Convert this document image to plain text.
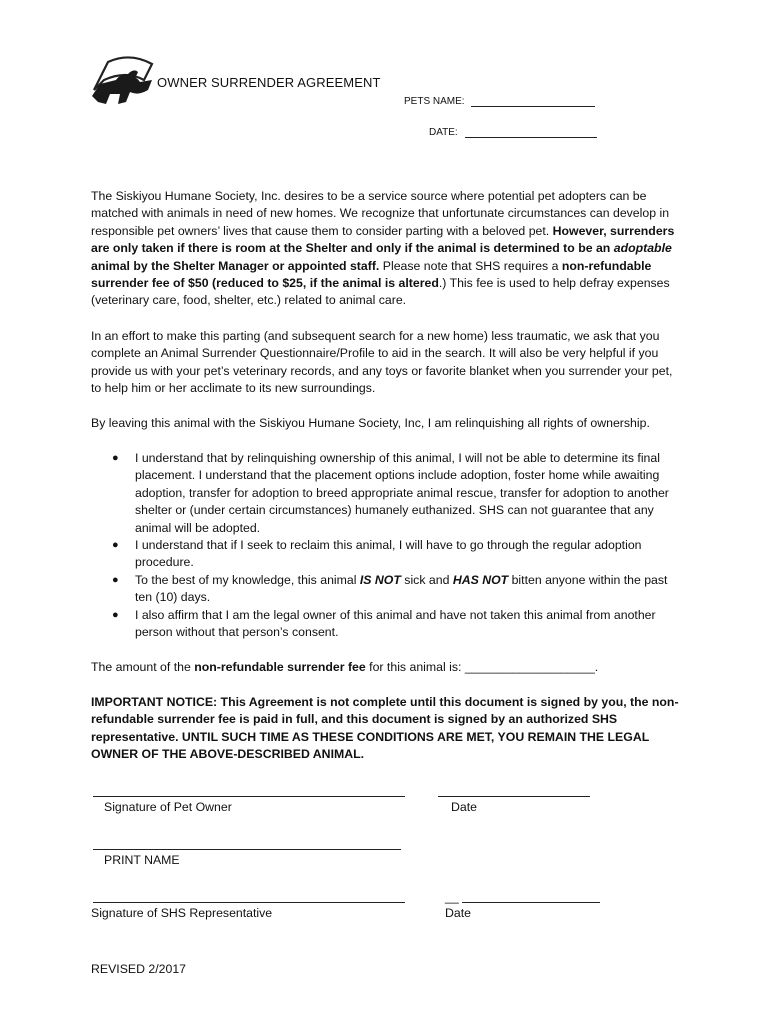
OWNER SURRENDER AGREEMENT
PETS NAME:
DATE:

The Siskiyou Humane Society, Inc. desires to be a service source where potential pet adopters can be matched with animals in need of new homes. We recognize that unfortunate circumstances can develop in responsible pet owners’ lives that cause them to consider parting with a beloved pet. However, surrenders are only taken if there is room at the Shelter and only if the animal is determined to be an adoptable animal by the Shelter Manager or appointed staff. Please note that SHS requires a non-refundable surrender fee of $50 (reduced to $25, if the animal is altered.) This fee is used to help defray expenses (veterinary care, food, shelter, etc.) related to animal care.

In an effort to make this parting (and subsequent search for a new home) less traumatic, we ask that you complete an Animal Surrender Questionnaire/Profile to aid in the search. It will also be very helpful if you provide us with your pet’s veterinary records, and any toys or favorite blanket when you surrender your pet, to help him or her acclimate to its new surroundings.

By leaving this animal with the Siskiyou Humane Society, Inc, I am relinquishing all rights of ownership.

● I understand that by relinquishing ownership of this animal, I will not be able to determine its final placement. I understand that the placement options include adoption, foster home while awaiting adoption, transfer for adoption to breed appropriate animal rescue, transfer for adoption to another shelter or (under certain circumstances) humanely euthanized. SHS can not guarantee that any animal will be adopted.
● I understand that if I seek to reclaim this animal, I will have to go through the regular adoption procedure.
● To the best of my knowledge, this animal IS NOT sick and HAS NOT bitten anyone within the past ten (10) days.
● I also affirm that I am the legal owner of this animal and have not taken this animal from another person without that person’s consent.

The amount of the non-refundable surrender fee for this animal is: ___________________.

IMPORTANT NOTICE: This Agreement is not complete until this document is signed by you, the non-refundable surrender fee is paid in full, and this document is signed by an authorized SHS representative. UNTIL SUCH TIME AS THESE CONDITIONS ARE MET, YOU REMAIN THE LEGAL OWNER OF THE ABOVE-DESCRIBED ANIMAL.

Signature of Pet Owner	Date
PRINT NAME
__
Signature of SHS Representative	Date
REVISED 2/2017
